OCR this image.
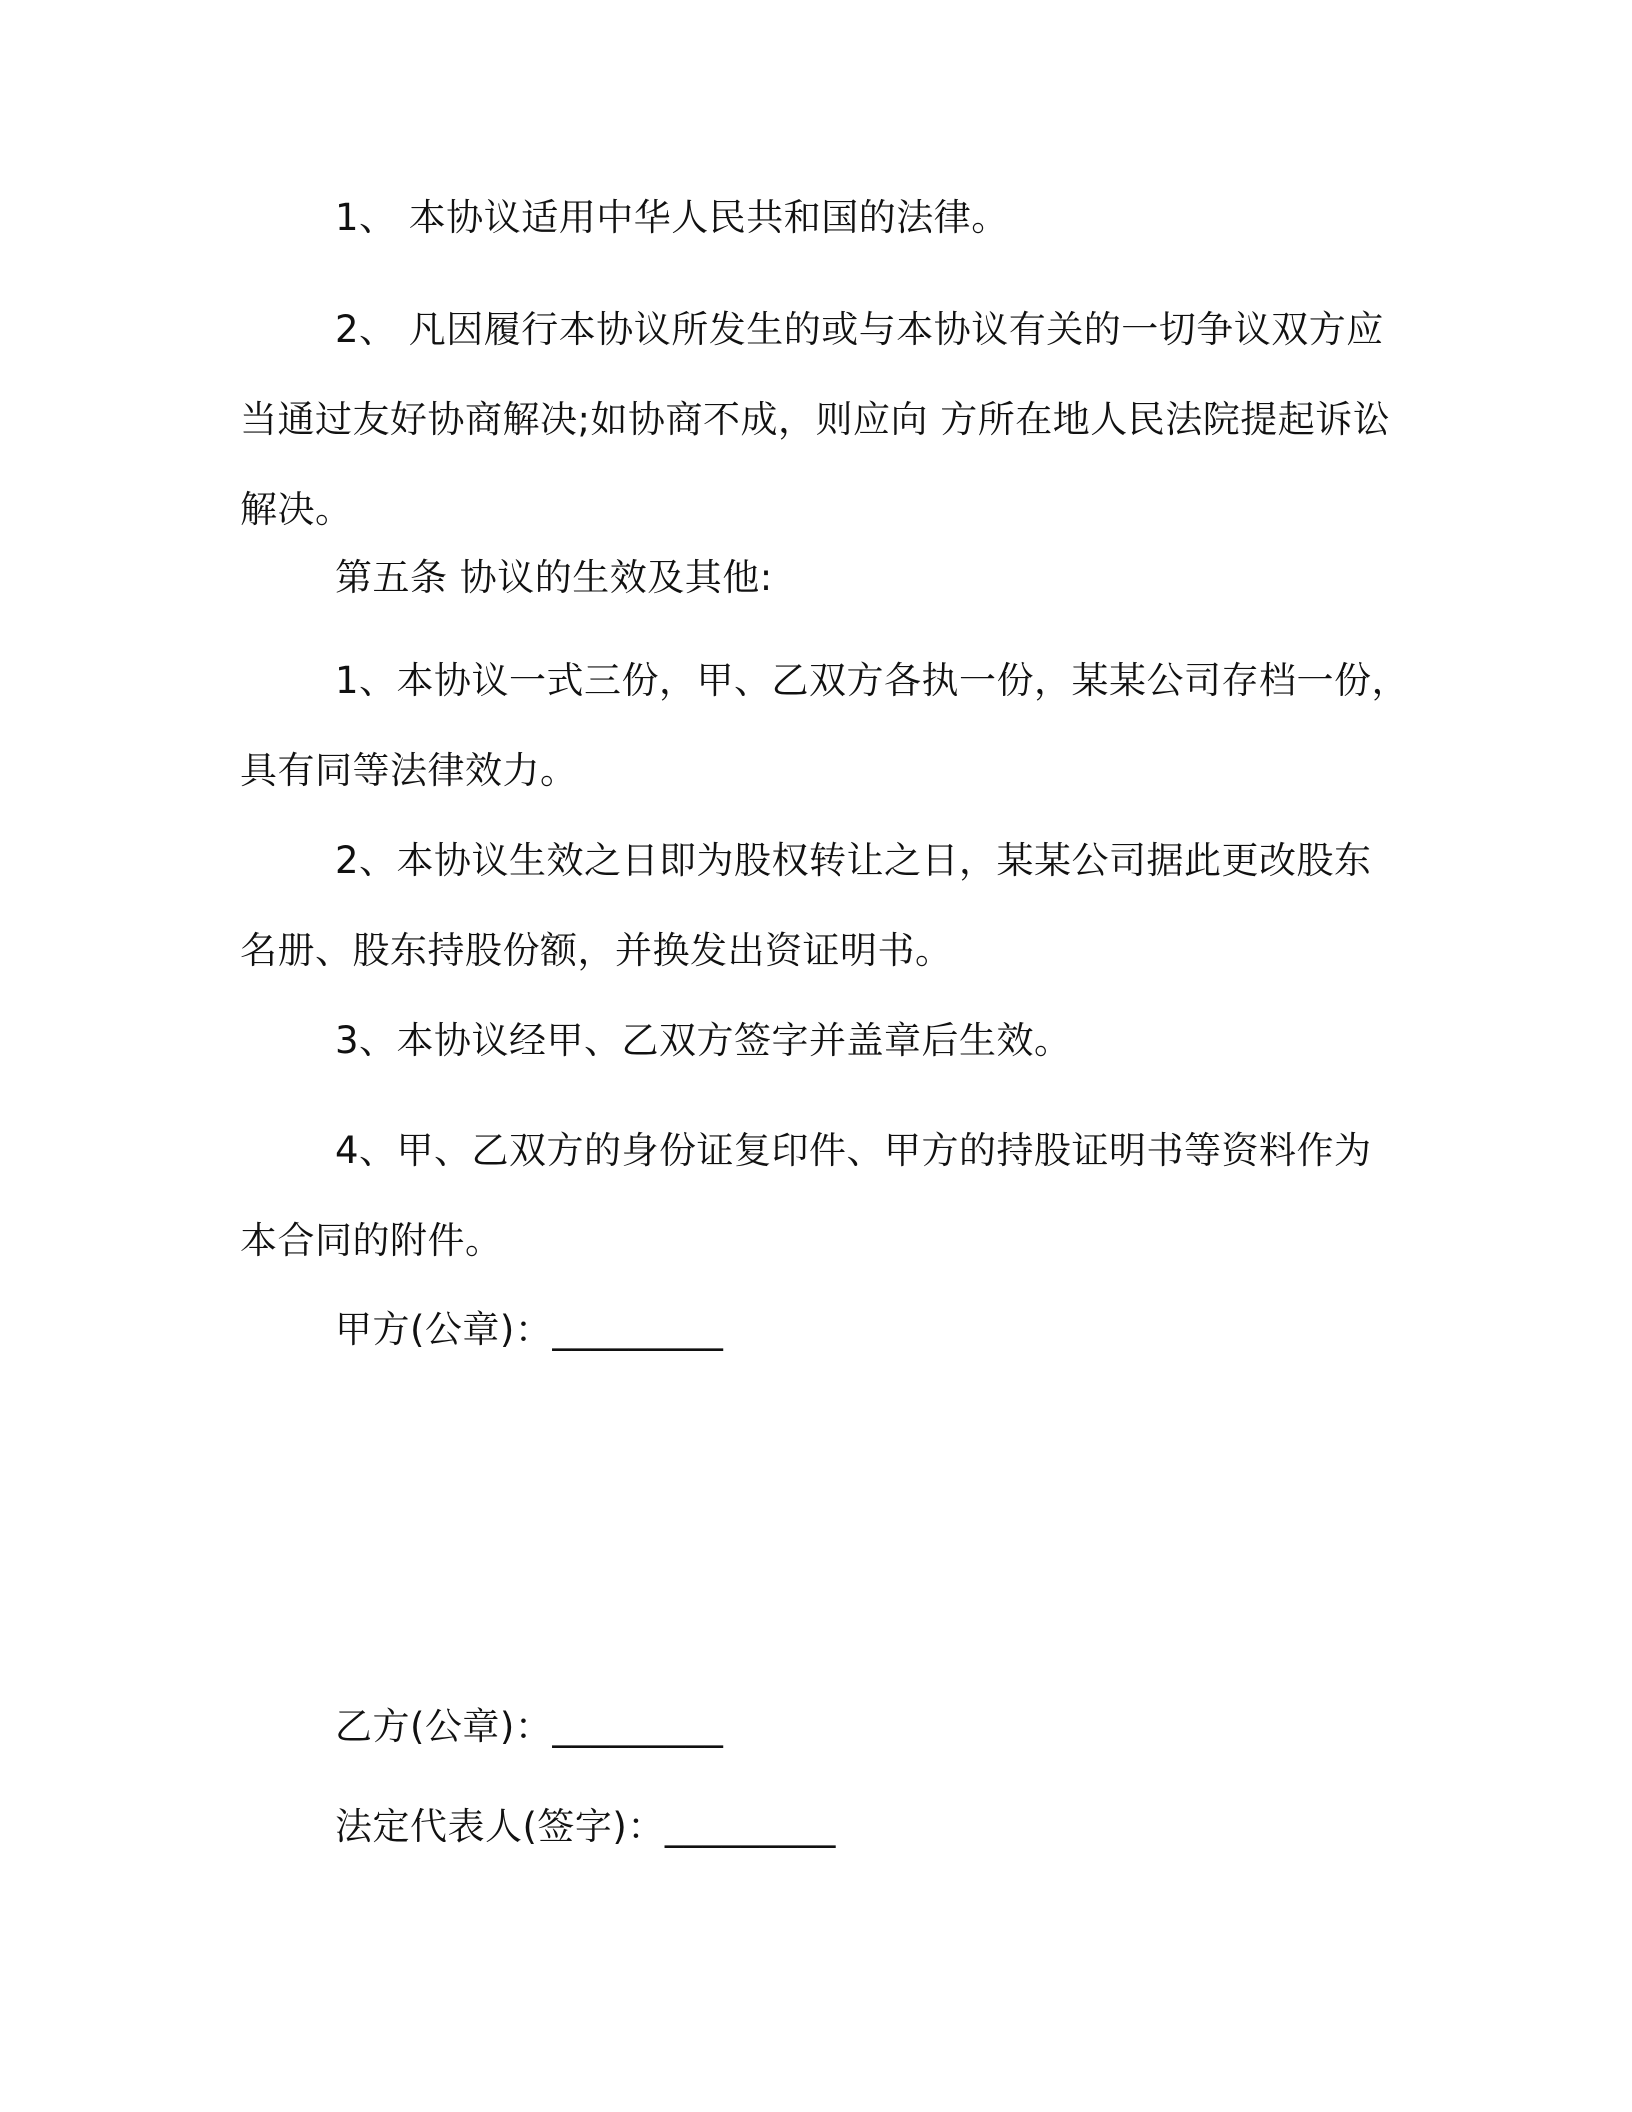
1、 本协议适用中华人民共和国的法律。
2、 凡因履行本协议所发生的或与本协议有关的一切争议双方应
当通过友好协商解决;如协商不成，则应向 方所在地人民法院提起诉讼
解决。
第五条 协议的生效及其他:
1、本协议一式三份，甲、乙双方各执一份，某某公司存档一份，
具有同等法律效力。
2、本协议生效之日即为股权转让之日，某某公司据此更改股东
名册、股东持股份额，并换发出资证明书。
3、本协议经甲、乙双方签字并盖章后生效。
4、甲、乙双方的身份证复印件、甲方的持股证明书等资料作为
本合同的附件。
甲方(公章)：_________
乙方(公章)：_________
法定代表人(签字)：_________
